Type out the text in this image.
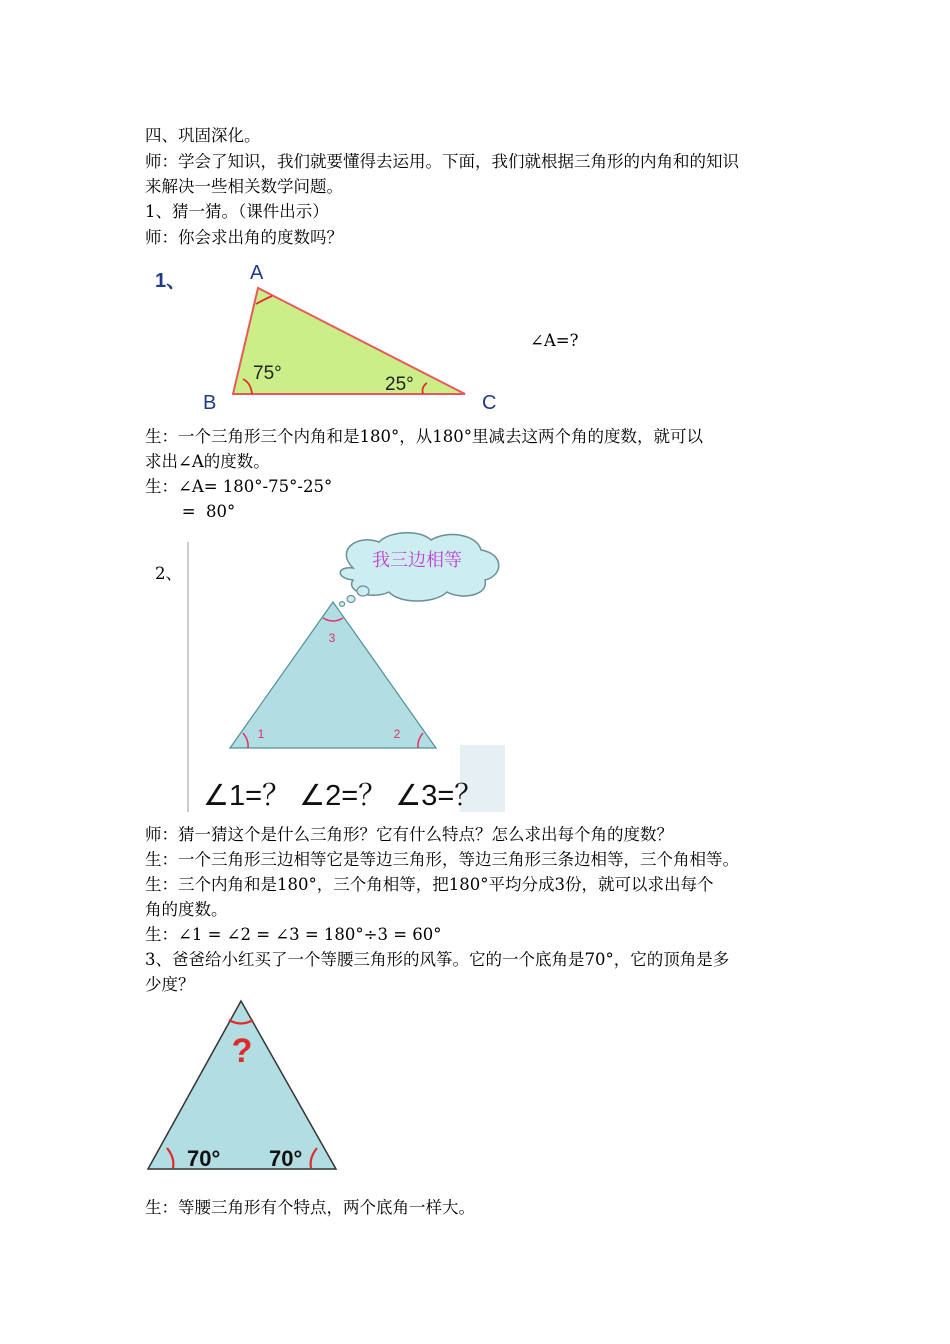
四、巩固深化。
师：学会了知识，我们就要懂得去运用。下面，我们就根据三角形的内角和的知识
来解决一些相关数学问题。
1、猜一猜。（课件出示）
师：你会求出角的度数吗？
1、	A
B	C
75°
25°
∠A=?
生：一个三角形三个内角和是180°，从180°里减去这两个角的度数，就可以
求出∠A的度数。
生：∠A= 180°-75°-25°
=  80°
2、
我三边相等
3
1	2
∠1=？ ∠2=？ ∠3=？
师：猜一猜这个是什么三角形？它有什么特点？怎么求出每个角的度数？
生：一个三角形三边相等它是等边三角形，等边三角形三条边相等，三个角相等。
生：三个内角和是180°，三个角相等，把180°平均分成3份，就可以求出每个
角的度数。
生：∠1 = ∠2 = ∠3 = 180°÷3 = 60°
3、爸爸给小红买了一个等腰三角形的风筝。它的一个底角是70°，它的顶角是多
少度？
?
70° 70°
生：等腰三角形有个特点，两个底角一样大。
